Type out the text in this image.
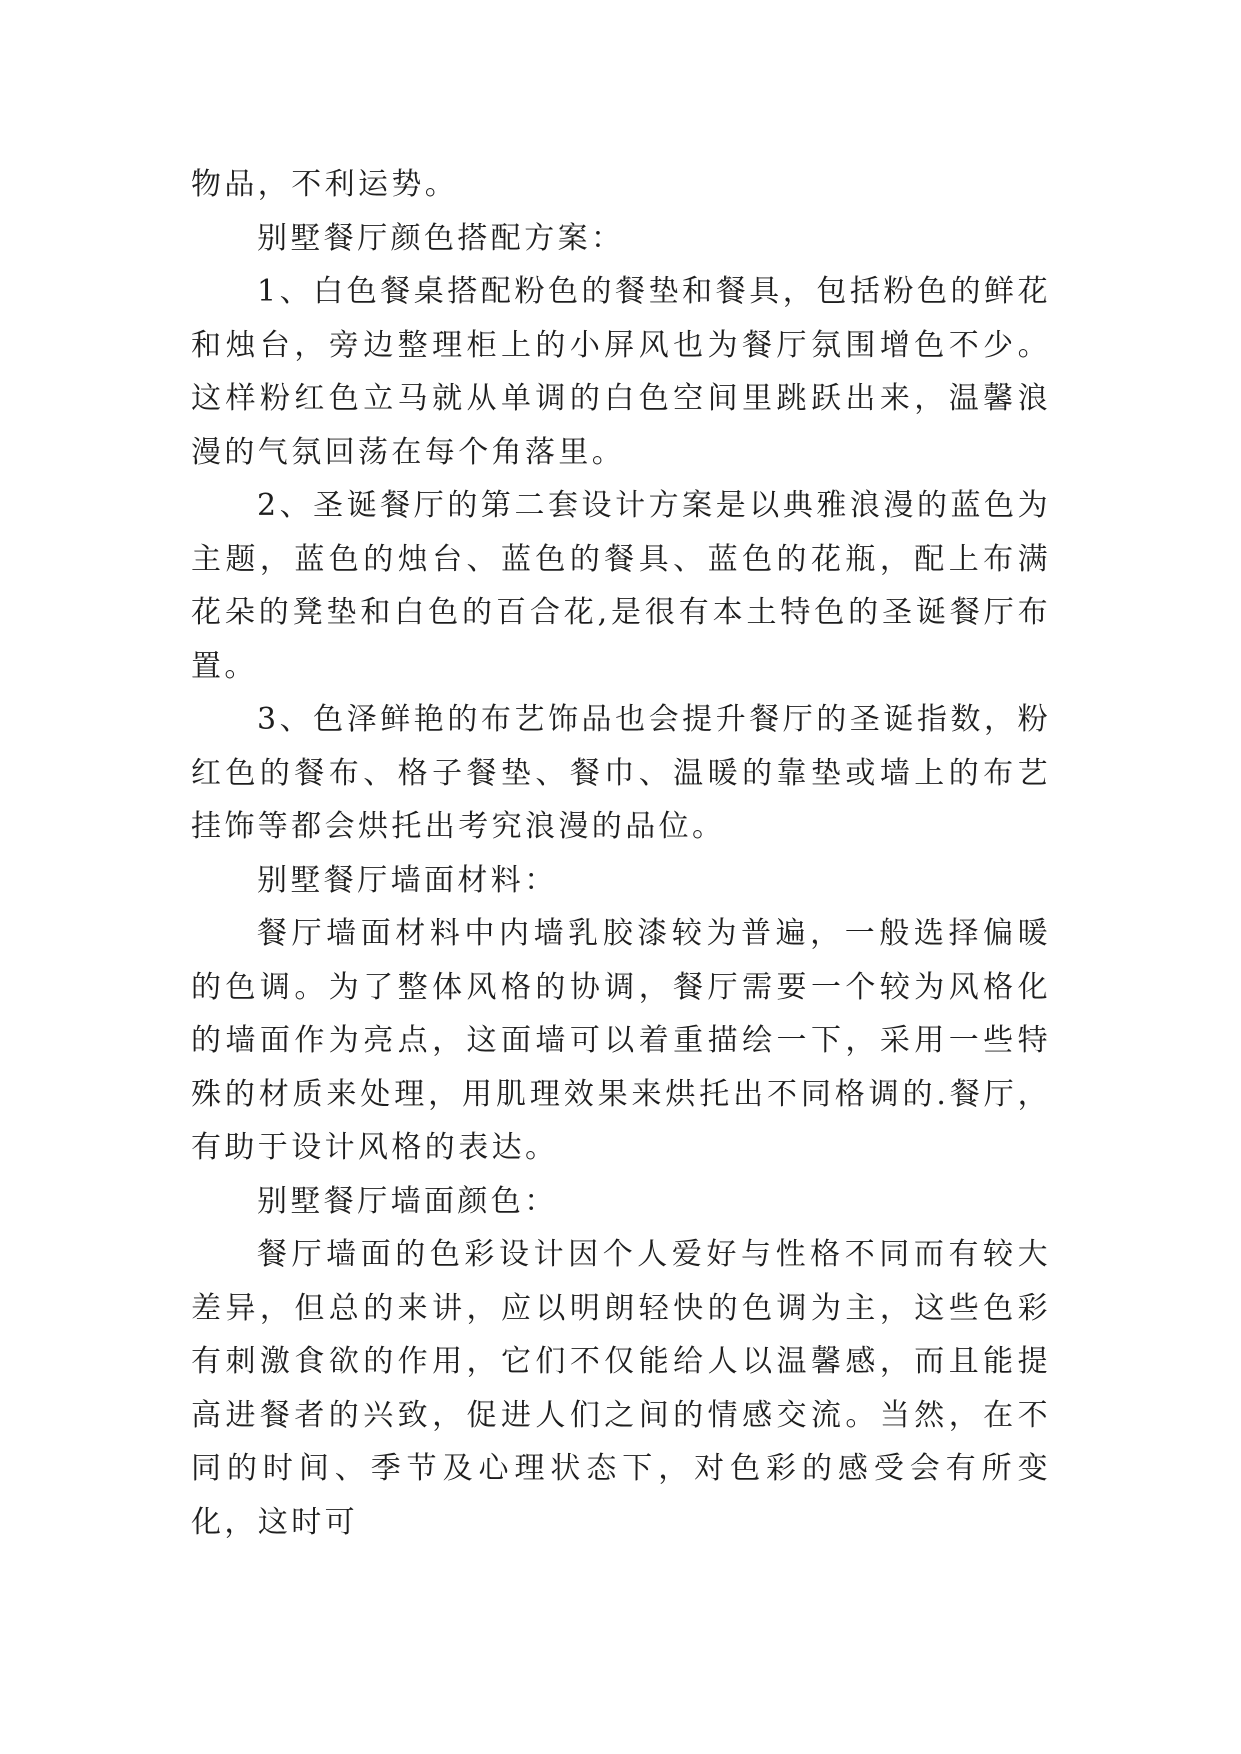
物品，不利运势。

别墅餐厅颜色搭配方案：

1、白色餐桌搭配粉色的餐垫和餐具，包括粉色的鲜花和烛台，旁边整理柜上的小屏风也为餐厅氛围增色不少。这样粉红色立马就从单调的白色空间里跳跃出来，温馨浪漫的气氛回荡在每个角落里。

2、圣诞餐厅的第二套设计方案是以典雅浪漫的蓝色为主题，蓝色的烛台、蓝色的餐具、蓝色的花瓶，配上布满花朵的凳垫和白色的百合花,是很有本土特色的圣诞餐厅布置。

3、色泽鲜艳的布艺饰品也会提升餐厅的圣诞指数，粉红色的餐布、格子餐垫、餐巾、温暖的靠垫或墙上的布艺挂饰等都会烘托出考究浪漫的品位。

别墅餐厅墙面材料：

餐厅墙面材料中内墙乳胶漆较为普遍，一般选择偏暖的色调。为了整体风格的协调，餐厅需要一个较为风格化的墙面作为亮点，这面墙可以着重描绘一下，采用一些特殊的材质来处理，用肌理效果来烘托出不同格调的.餐厅，有助于设计风格的表达。

别墅餐厅墙面颜色：

餐厅墙面的色彩设计因个人爱好与性格不同而有较大差异，但总的来讲，应以明朗轻快的色调为主，这些色彩有刺激食欲的作用，它们不仅能给人以温馨感，而且能提高进餐者的兴致，促进人们之间的情感交流。当然，在不同的时间、季节及心理状态下，对色彩的感受会有所变化，这时可
